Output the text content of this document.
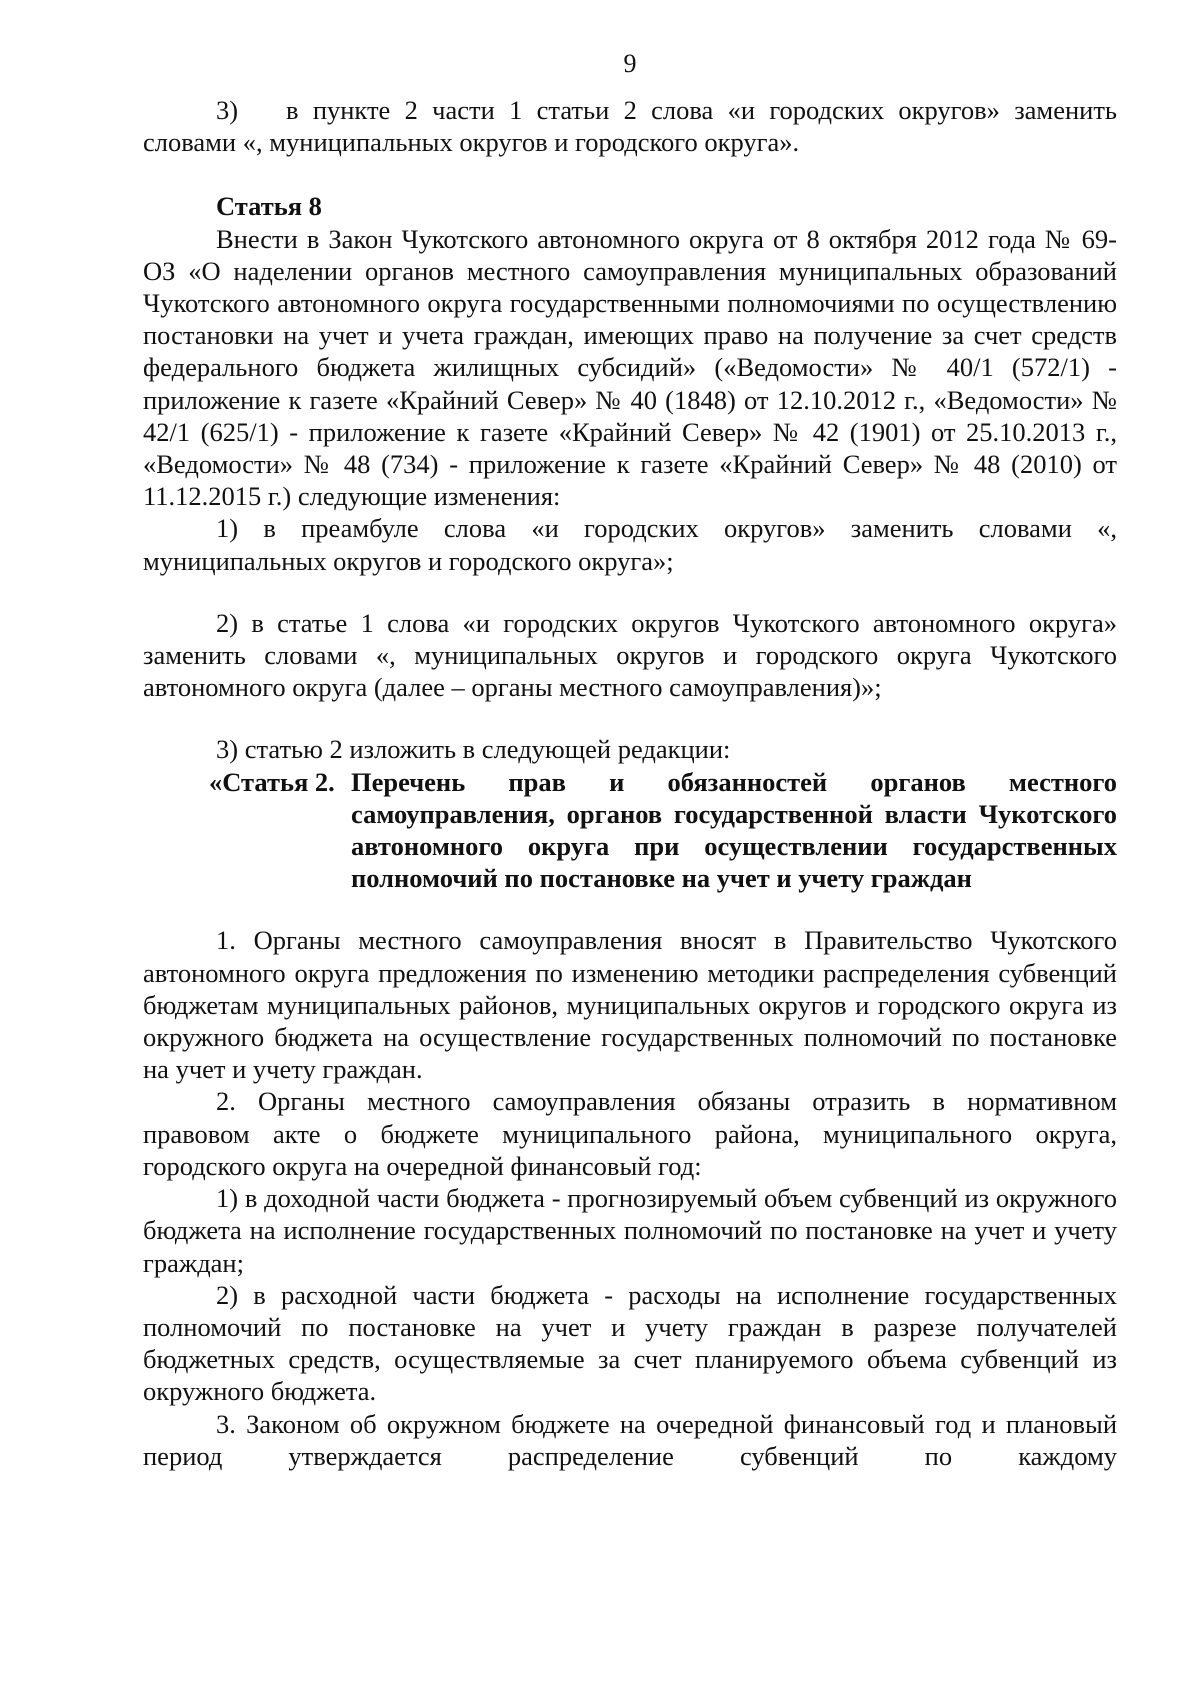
9

3) в пункте 2 части 1 статьи 2 слова «и городских округов» заменить словами «, муниципальных округов и городского округа».

Статья 8

Внести в Закон Чукотского автономного округа от 8 октября 2012 года № 69-ОЗ «О наделении органов местного самоуправления муниципальных образований Чукотского автономного округа государственными полномочиями по осуществлению постановки на учет и учета граждан, имеющих право на получение за счет средств федерального бюджета жилищных субсидий» («Ведомости» № 40/1 (572/1) - приложение к газете «Крайний Север» № 40 (1848) от 12.10.2012 г., «Ведомости» № 42/1 (625/1) - приложение к газете «Крайний Север» № 42 (1901) от 25.10.2013 г., «Ведомости» № 48 (734) - приложение к газете «Крайний Север» № 48 (2010) от 11.12.2015 г.) следующие изменения:

1) в преамбуле слова «и городских округов» заменить словами «, муниципальных округов и городского округа»;

2) в статье 1 слова «и городских округов Чукотского автономного округа» заменить словами «, муниципальных округов и городского округа Чукотского автономного округа (далее – органы местного самоуправления)»;

3) статью 2 изложить в следующей редакции:

«Статья 2. Перечень прав и обязанностей органов местного самоуправления, органов государственной власти Чукотского автономного округа при осуществлении государственных полномочий по постановке на учет и учету граждан

1. Органы местного самоуправления вносят в Правительство Чукотского автономного округа предложения по изменению методики распределения субвенций бюджетам муниципальных районов, муниципальных округов и городского округа из окружного бюджета на осуществление государственных полномочий по постановке на учет и учету граждан.

2. Органы местного самоуправления обязаны отразить в нормативном правовом акте о бюджете муниципального района, муниципального округа, городского округа на очередной финансовый год:

1) в доходной части бюджета - прогнозируемый объем субвенций из окружного бюджета на исполнение государственных полномочий по постановке на учет и учету граждан;

2) в расходной части бюджета - расходы на исполнение государственных полномочий по постановке на учет и учету граждан в разрезе получателей бюджетных средств, осуществляемые за счет планируемого объема субвенций из окружного бюджета.

3. Законом об окружном бюджете на очередной финансовый год и плановый период утверждается распределение субвенций по каждому
